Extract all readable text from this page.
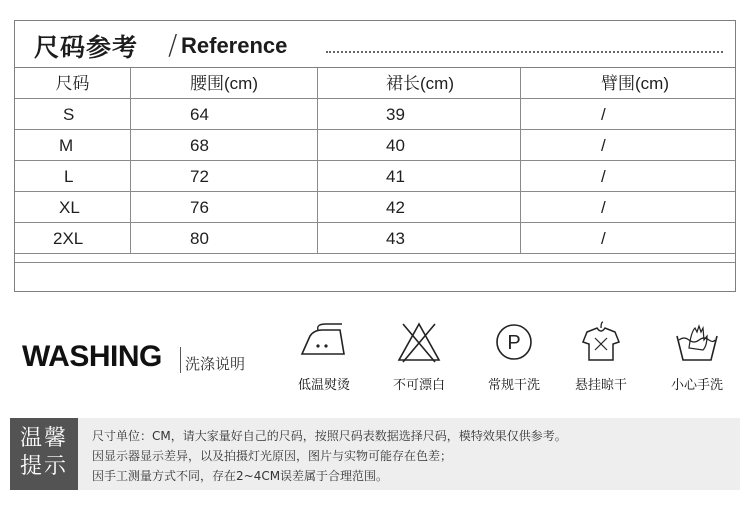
尺码参考 / Reference
尺码	腰围(cm)	裙长(cm)	臂围(cm)
S	64	39	/
M	68	40	/
L	72	41	/
XL	76	42	/
2XL	80	43	/
WASHING 洗涤说明
低温熨烫	不可漂白
P
常规干洗	悬挂晾干	小心手洗
温馨
提示
尺寸单位：CM，请大家量好自己的尺码，按照尺码表数据选择尺码，模特效果仅供参考。
因显示器显示差异，以及拍摄灯光原因，图片与实物可能存在色差；
因手工测量方式不同，存在2~4CM误差属于合理范围。
